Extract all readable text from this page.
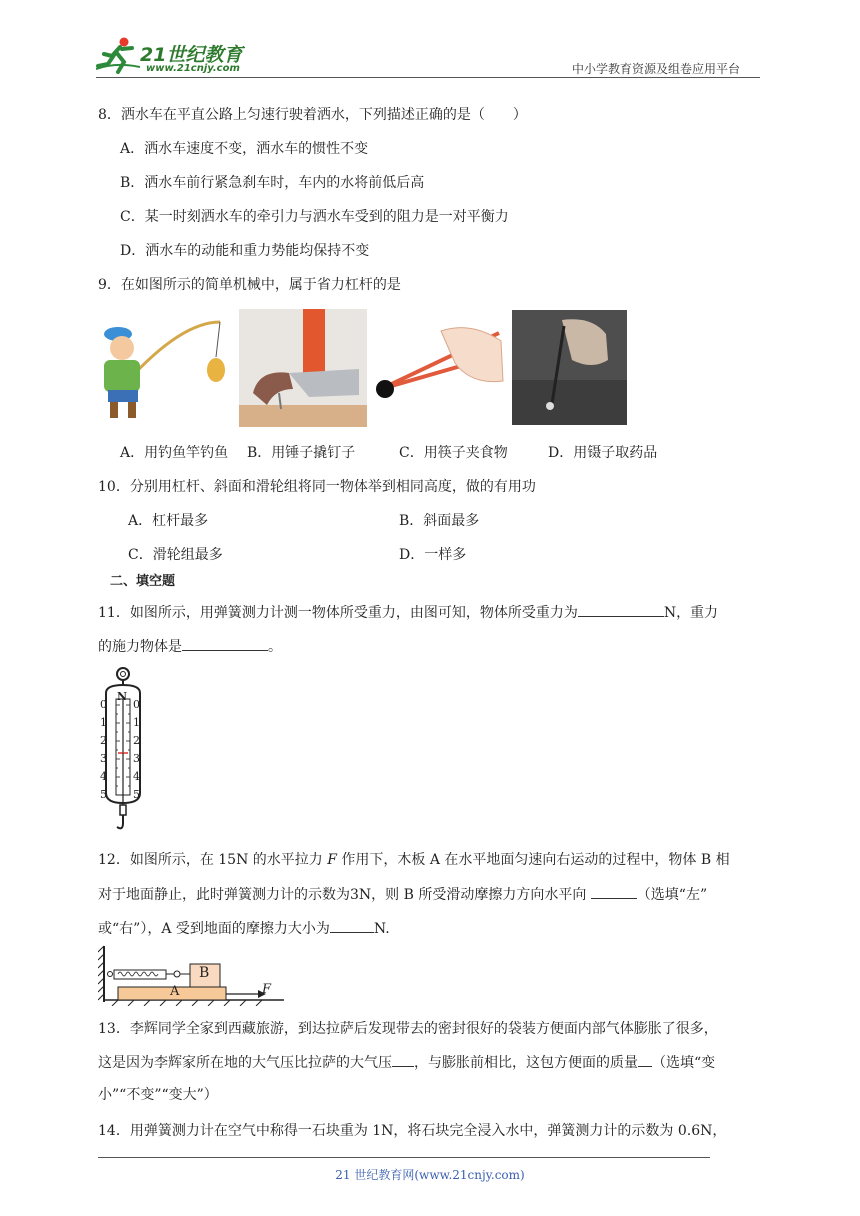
21世纪教育
www.21cnjy.com	中小学教育资源及组卷应用平台
8．洒水车在平直公路上匀速行驶着洒水，下列描述正确的是（　　）
A．洒水车速度不变，洒水车的惯性不变
B．洒水车前行紧急刹车时，车内的水将前低后高
C．某一时刻洒水车的牵引力与洒水车受到的阻力是一对平衡力
D．洒水车的动能和重力势能均保持不变
9．在如图所示的简单机械中，属于省力杠杆的是
A．用钓鱼竿钓鱼 B．用锤子撬钉子	C．用筷子夹食物	D．用镊子取药品
10．分别用杠杆、斜面和滑轮组将同一物体举到相同高度，做的有用功
A．杠杆最多	B．斜面最多
C．滑轮组最多	D．一样多
二、填空题
11．如图所示，用弹簧测力计测一物体所受重力，由图可知，物体所受重力为	N，重力
的施力物体是	。
N
0
1
2
3
4
5
0
1
2
3
4
5
12．如图所示，在 15N 的水平拉力 F 作用下，木板 A 在水平地面匀速向右运动的过程中，物体 B 相
对于地面静止，此时弹簧测力计的示数为3N，则 B 所受滑动摩擦力方向水平向	（选填“左”
或“右”），A 受到地面的摩擦力大小为	N.
A
B
F
13．李辉同学全家到西藏旅游，到达拉萨后发现带去的密封很好的袋装方便面内部气体膨胀了很多，
这是因为李辉家所在地的大气压比拉萨的大气压 ，与膨胀前相比，这包方便面的质量 （选填“变
小”“不变”“变大”）
14．用弹簧测力计在空气中称得一石块重为 1N，将石块完全浸入水中，弹簧测力计的示数为 0.6N，
21 世纪教育网(www.21cnjy.com)
